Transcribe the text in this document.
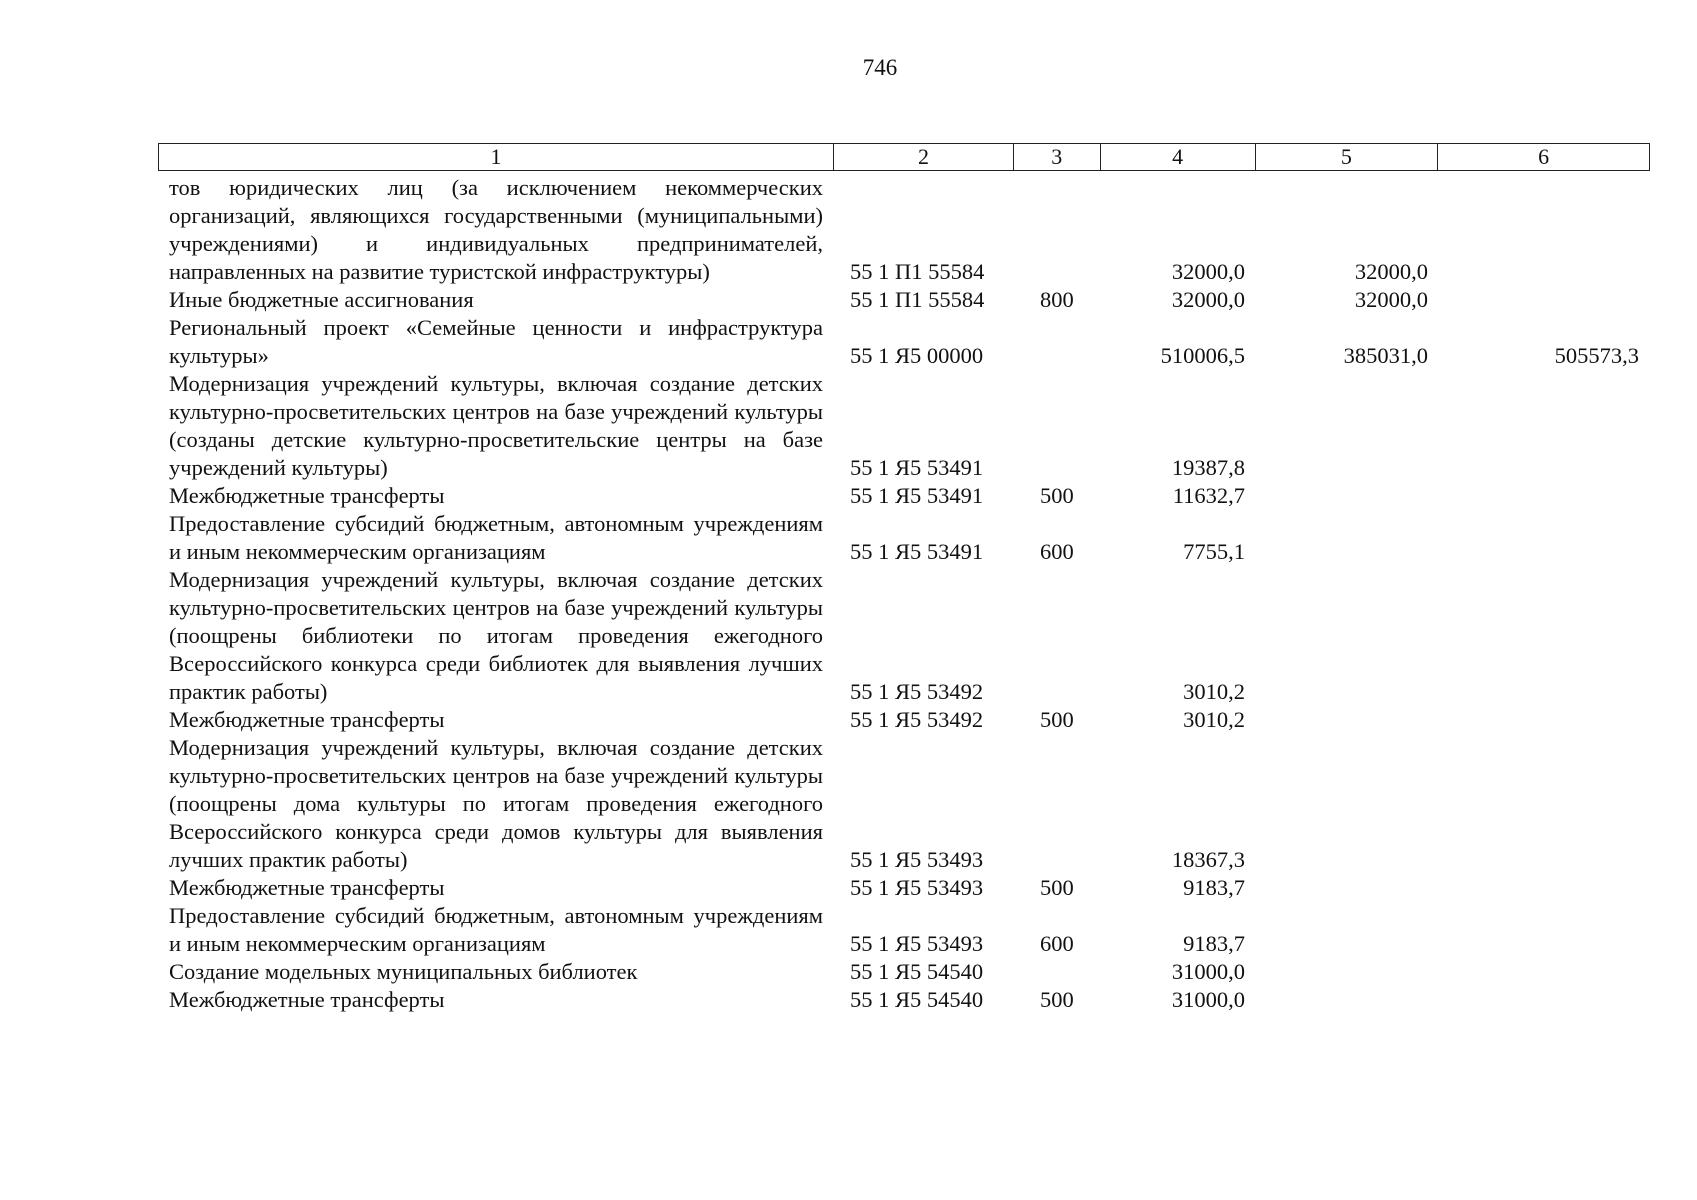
746
1	2	3	4	5	6
тов юридических лиц (за исключением некоммерческих организаций, являющихся государственными (муниципальными) учреждениями) и индивидуальных предпринимателей, направленных на развитие туристской инфраструктуры)	55 1 П1 55584		32000,0	32000,0	
Иные бюджетные ассигнования	55 1 П1 55584	800	32000,0	32000,0	
Региональный проект «Семейные ценности и инфраструктура культуры»	55 1 Я5 00000		510006,5	385031,0	505573,3
Модернизация учреждений культуры, включая создание детских культурно-просветительских центров на базе учреждений культуры (созданы детские культурно-просветительские центры на базе учреждений культуры)	55 1 Я5 53491		19387,8		
Межбюджетные трансферты	55 1 Я5 53491	500	11632,7		
Предоставление субсидий бюджетным, автономным учреждениям и иным некоммерческим организациям	55 1 Я5 53491	600	7755,1		
Модернизация учреждений культуры, включая создание детских культурно-просветительских центров на базе учреждений культуры (поощрены библиотеки по итогам проведения ежегодного Всероссийского конкурса среди библиотек для выявления лучших практик работы)	55 1 Я5 53492		3010,2		
Межбюджетные трансферты	55 1 Я5 53492	500	3010,2		
Модернизация учреждений культуры, включая создание детских культурно-просветительских центров на базе учреждений культуры (поощрены дома культуры по итогам проведения ежегодного Всероссийского конкурса среди домов культуры для выявления лучших практик работы)	55 1 Я5 53493		18367,3		
Межбюджетные трансферты	55 1 Я5 53493	500	9183,7		
Предоставление субсидий бюджетным, автономным учреждениям и иным некоммерческим организациям	55 1 Я5 53493	600	9183,7		
Создание модельных муниципальных библиотек	55 1 Я5 54540		31000,0		
Межбюджетные трансферты	55 1 Я5 54540	500	31000,0		
